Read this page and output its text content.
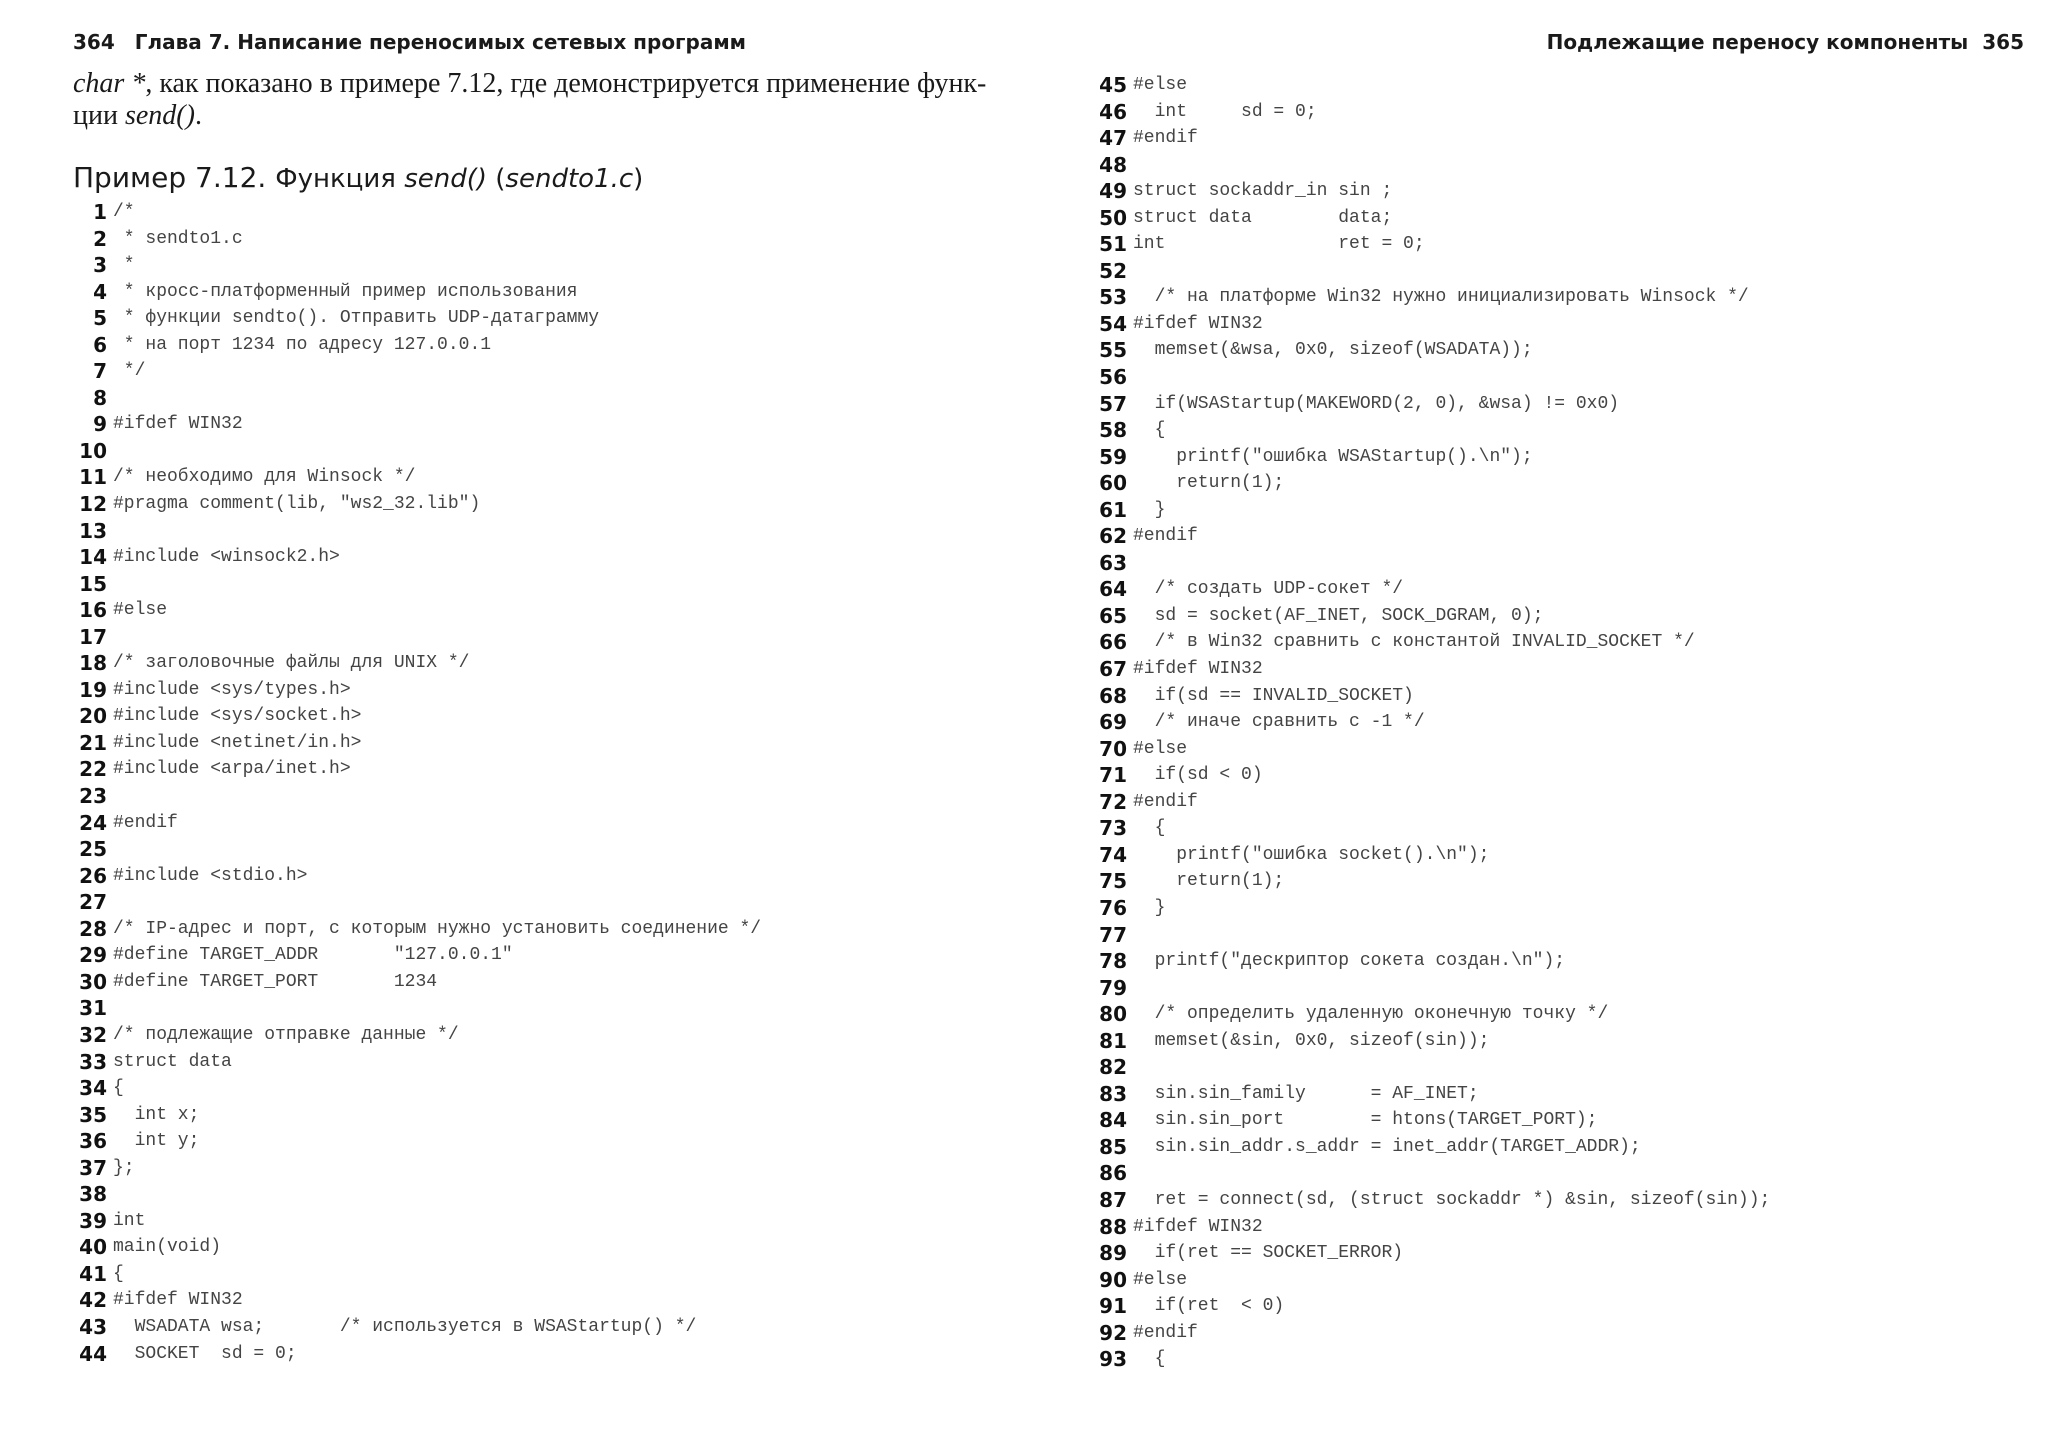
364 Глава 7. Написание переносимых сетевых программ

char *, как показано в примере 7.12, где демонстрируется применение функ-
ции send().

Пример 7.12. Функция send() (sendto1.c)
1 /*
2 * sendto1.c
3 *
4 * кросс-платформенный пример использования
5 * функции sendto(). Отправить UDP-датаграмму
6 * на порт 1234 по адресу 127.0.0.1
7 */
8
9 #ifdef WIN32
10
11 /* необходимо для Winsock */
12 #pragma comment(lib, "ws2_32.lib")
13
14 #include <winsock2.h>
15
16 #else
17
18 /* заголовочные файлы для UNIX */
19 #include <sys/types.h>
20 #include <sys/socket.h>
21 #include <netinet/in.h>
22 #include <arpa/inet.h>
23
24 #endif
25
26 #include <stdio.h>
27
28 /* IP-адрес и порт, с которым нужно установить соединение */
29 #define TARGET_ADDR       "127.0.0.1"
30 #define TARGET_PORT       1234
31
32 /* подлежащие отправке данные */
33 struct data
34 {
35 int x;
36 int y;
37 };
38
39 int
40 main(void)
41 {
42 #ifdef WIN32
43 WSADATA wsa;       /* используется в WSAStartup() */
44 SOCKET  sd = 0;
Подлежащие переносу компоненты 365
45 #else
46 int     sd = 0;
47 #endif
48
49 struct sockaddr_in sin ;
50 struct data        data;
51 int                ret = 0;
52
53 /* на платформе Win32 нужно инициализировать Winsock */
54 #ifdef WIN32
55 memset(&wsa, 0x0, sizeof(WSADATA));
56
57 if(WSAStartup(MAKEWORD(2, 0), &wsa) != 0x0)
58 {
59 printf("ошибка WSAStartup().\n");
60 return(1);
61 }
62 #endif
63
64 /* создать UDP-сокет */
65 sd = socket(AF_INET, SOCK_DGRAM, 0);
66 /* в Win32 сравнить с константой INVALID_SOCKET */
67 #ifdef WIN32
68 if(sd == INVALID_SOCKET)
69 /* иначе сравнить с -1 */
70 #else
71 if(sd < 0)
72 #endif
73 {
74 printf("ошибка socket().\n");
75 return(1);
76 }
77
78 printf("дескриптор сокета создан.\n");
79
80 /* определить удаленную оконечную точку */
81 memset(&sin, 0x0, sizeof(sin));
82
83 sin.sin_family      = AF_INET;
84 sin.sin_port        = htons(TARGET_PORT);
85 sin.sin_addr.s_addr = inet_addr(TARGET_ADDR);
86
87 ret = connect(sd, (struct sockaddr *) &sin, sizeof(sin));
88 #ifdef WIN32
89 if(ret == SOCKET_ERROR)
90 #else
91 if(ret  < 0)
92 #endif
93 {
